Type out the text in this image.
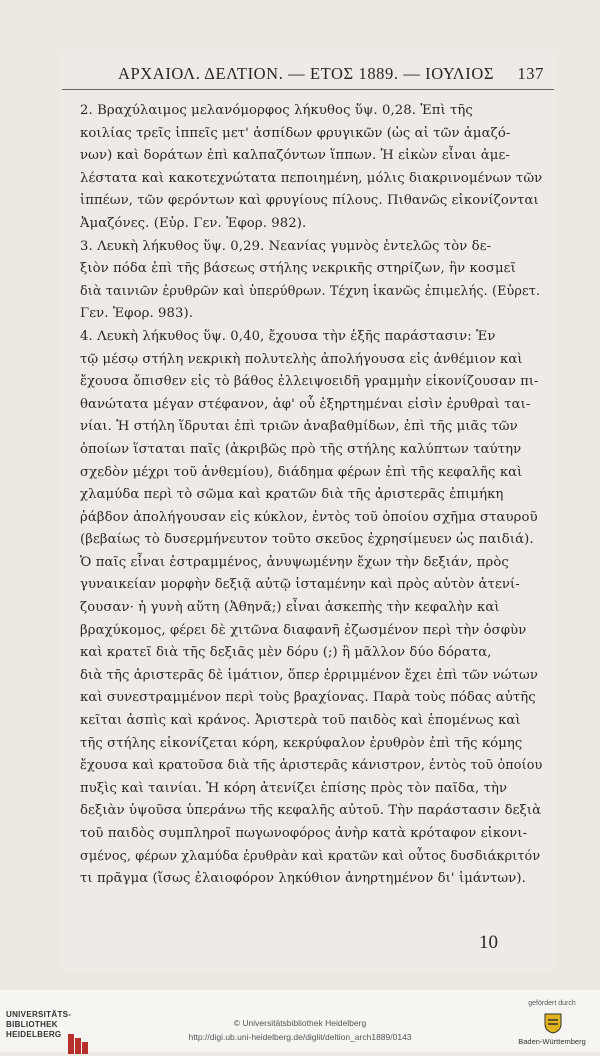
ΑΡΧΑΙΟΛ. ΔΕΛΤΙΟΝ. — ΕΤΟΣ 1889. — ΙΟΥΛΙΟΣ 137
2. Βραχύλαιμος μελανόμορφος λήκυθος ὕψ. 0,28. Ἐπὶ τῆς
κοιλίας τρεῖς ἱππεῖς μετ' ἀσπίδων φρυγικῶν (ὡς αἱ τῶν ἀμαζό-
νων) καὶ δοράτων ἐπὶ καλπαζόντων ἵππων. Ἡ εἰκὼν εἶναι ἀμε-
λέστατα καὶ κακοτεχνώτατα πεποιημένη, μόλις διακρινομένων τῶν
ἱππέων, τῶν φερόντων καὶ φρυγίους πίλους. Πιθανῶς εἰκονίζονται
Ἀμαζόνες. (Εὑρ. Γεν. Ἐφορ. 982).
3. Λευκὴ λήκυθος ὕψ. 0,29. Νεανίας γυμνὸς ἐντελῶς τὸν δε-
ξιὸν πόδα ἐπὶ τῆς βάσεως στήλης νεκρικῆς στηρίζων, ἣν κοσμεῖ
διὰ ταινιῶν ἐρυθρῶν καὶ ὑπερύθρων. Τέχνη ἱκανῶς ἐπιμελής. (Εὑρετ.
Γεν. Ἐφορ. 983).
4. Λευκὴ λήκυθος ὕψ. 0,40, ἔχουσα τὴν ἑξῆς παράστασιν: Ἐν
τῷ μέσῳ στήλη νεκρικὴ πολυτελὴς ἀπολήγουσα εἰς ἀνθέμιον καὶ
ἔχουσα ὄπισθεν εἰς τὸ βάθος ἐλλειψοειδῆ γραμμὴν εἰκονίζουσαν πι-
θανώτατα μέγαν στέφανον, ἀφ' οὗ ἐξηρτημέναι εἰσὶν ἐρυθραὶ ται-
νίαι. Ἡ στήλη ἵδρυται ἐπὶ τριῶν ἀναβαθμίδων, ἐπὶ τῆς μιᾶς τῶν
ὁποίων ἵσταται παῖς (ἀκριβῶς πρὸ τῆς στήλης καλύπτων ταύτην
σχεδὸν μέχρι τοῦ ἀνθεμίου), διάδημα φέρων ἐπὶ τῆς κεφαλῆς καὶ
χλαμύδα περὶ τὸ σῶμα καὶ κρατῶν διὰ τῆς ἀριστερᾶς ἐπιμήκη
ῥάβδον ἀπολήγουσαν εἰς κύκλον, ἐντὸς τοῦ ὁποίου σχῆμα σταυροῦ
(βεβαίως τὸ δυσερμήνευτον τοῦτο σκεῦος ἐχρησίμευεν ὡς παιδιά).
Ὁ παῖς εἶναι ἐστραμμένος, ἀνυψωμένην ἔχων τὴν δεξιάν, πρὸς
γυναικείαν μορφὴν δεξιᾷ αὐτῷ ἱσταμένην καὶ πρὸς αὐτὸν ἀτενί-
ζουσαν· ἡ γυνὴ αὕτη (Ἀθηνᾶ;) εἶναι ἀσκεπὴς τὴν κεφαλὴν καὶ
βραχύκομος, φέρει δὲ χιτῶνα διαφανῆ ἐζωσμένον περὶ τὴν ὀσφὺν
καὶ κρατεῖ διὰ τῆς δεξιᾶς μὲν δόρυ (;) ἢ μᾶλλον δύο δόρατα,
διὰ τῆς ἀριστερᾶς δὲ ἱμάτιον, ὅπερ ἐρριμμένον ἔχει ἐπὶ τῶν νώτων
καὶ συνεστραμμένον περὶ τοὺς βραχίονας. Παρὰ τοὺς πόδας αὐτῆς
κεῖται ἀσπὶς καὶ κράνος. Ἀριστερὰ τοῦ παιδὸς καὶ ἑπομένως καὶ
τῆς στήλης εἰκονίζεται κόρη, κεκρύφαλον ἐρυθρὸν ἐπὶ τῆς κόμης
ἔχουσα καὶ κρατοῦσα διὰ τῆς ἀριστερᾶς κάνιστρον, ἐντὸς τοῦ ὁποίου
πυξὶς καὶ ταινίαι. Ἡ κόρη ἀτενίζει ἐπίσης πρὸς τὸν παῖδα, τὴν
δεξιὰν ὑψοῦσα ὑπεράνω τῆς κεφαλῆς αὐτοῦ. Τὴν παράστασιν δεξιὰ
τοῦ παιδὸς συμπληροῖ πωγωνοφόρος ἀνὴρ κατὰ κρόταφον εἰκονι-
σμένος, φέρων χλαμύδα ἐρυθρὰν καὶ κρατῶν καὶ οὗτος δυσδιάκριτόν
τι πρᾶγμα (ἴσως ἐλαιοφόρον ληκύθιον ἀνηρτημένον δι' ἱμάντων).
10
UNIVERSITÄTS-
BIBLIOTHEK
HEIDELBERG
© Universitätsbibliothek Heidelberg
http://digi.ub.uni-heidelberg.de/diglit/deltion_arch1889/0143
gefördert durch
Baden-Württemberg
